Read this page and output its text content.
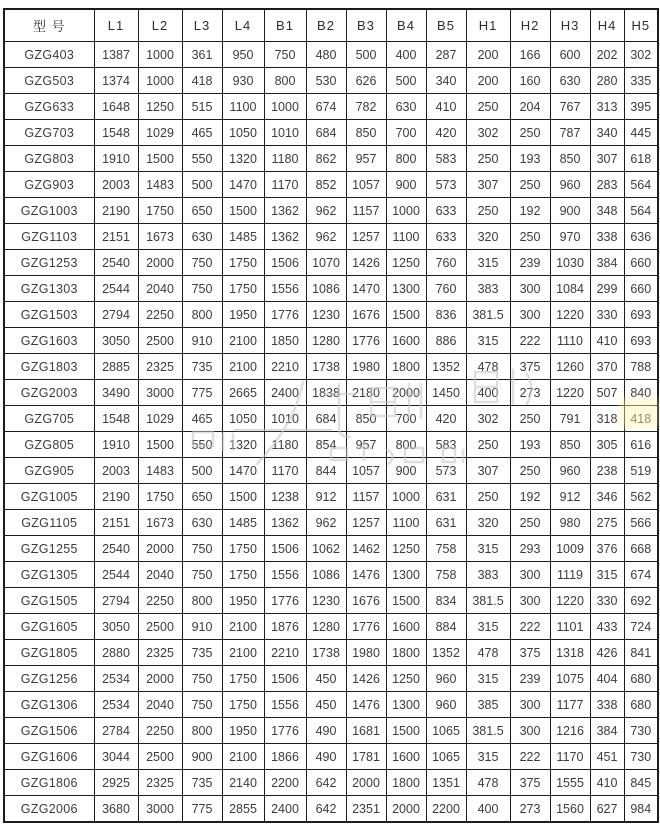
型 号	L1	L2	L3	L4	B1	B2	B3	B4	B5	H1	H2	H3	H4	H5
GZG403	1387	1000	361	950	750	480	500	400	287	200	166	600	202	302
GZG503	1374	1000	418	930	800	530	626	500	340	200	160	630	280	335
GZG633	1648	1250	515	1100	1000	674	782	630	410	250	204	767	313	395
GZG703	1548	1029	465	1050	1010	684	850	700	420	302	250	787	340	445
GZG803	1910	1500	550	1320	1180	862	957	800	583	250	193	850	307	618
GZG903	2003	1483	500	1470	1170	852	1057	900	573	307	250	960	283	564
GZG1003	2190	1750	650	1500	1362	962	1157	1000	633	250	192	900	348	564
GZG1103	2151	1673	630	1485	1362	962	1257	1100	633	320	250	970	338	636
GZG1253	2540	2000	750	1750	1506	1070	1426	1250	760	315	239	1030	384	660
GZG1303	2544	2040	750	1750	1556	1086	1470	1300	760	383	300	1084	299	660
GZG1503	2794	2250	800	1950	1776	1230	1676	1500	836	381.5	300	1220	330	693
GZG1603	3050	2500	910	2100	1850	1280	1776	1600	886	315	222	1110	410	693
GZG1803	2885	2325	735	2100	2210	1738	1980	1800	1352	478	375	1260	370	788
GZG2003	3490	3000	775	2665	2400	1838	2180	2000	1450	400	273	1220	507	840
GZG705	1548	1029	465	1050	1010	684	850	700	420	302	250	791	318	418
GZG805	1910	1500	550	1320	1180	854	957	800	583	250	193	850	305	616
GZG905	2003	1483	500	1470	1170	844	1057	900	573	307	250	960	238	519
GZG1005	2190	1750	650	1500	1238	912	1157	1000	631	250	192	912	346	562
GZG1105	2151	1673	630	1485	1362	962	1257	1100	631	320	250	980	275	566
GZG1255	2540	2000	750	1750	1506	1062	1462	1250	758	315	293	1009	376	668
GZG1305	2544	2040	750	1750	1556	1086	1476	1300	758	383	300	1119	315	674
GZG1505	2794	2250	800	1950	1776	1230	1676	1500	834	381.5	300	1220	330	692
GZG1605	3050	2500	910	2100	1876	1280	1776	1600	884	315	222	1101	433	724
GZG1805	2880	2325	735	2100	2210	1738	1980	1800	1352	478	375	1318	426	841
GZG1256	2534	2000	750	1750	1506	450	1426	1250	960	315	239	1075	404	680
GZG1306	2534	2040	750	1750	1556	450	1476	1300	960	385	300	1177	338	680
GZG1506	2784	2250	800	1950	1776	490	1681	1500	1065	381.5	300	1216	384	730
GZG1606	3044	2500	900	2100	1866	490	1781	1600	1065	315	222	1170	451	730
GZG1806	2925	2325	735	2140	2200	642	2000	1800	1351	478	375	1555	410	845
GZG2006	3680	3000	775	2855	2400	642	2351	2000	2200	400	273	1560	627	984
